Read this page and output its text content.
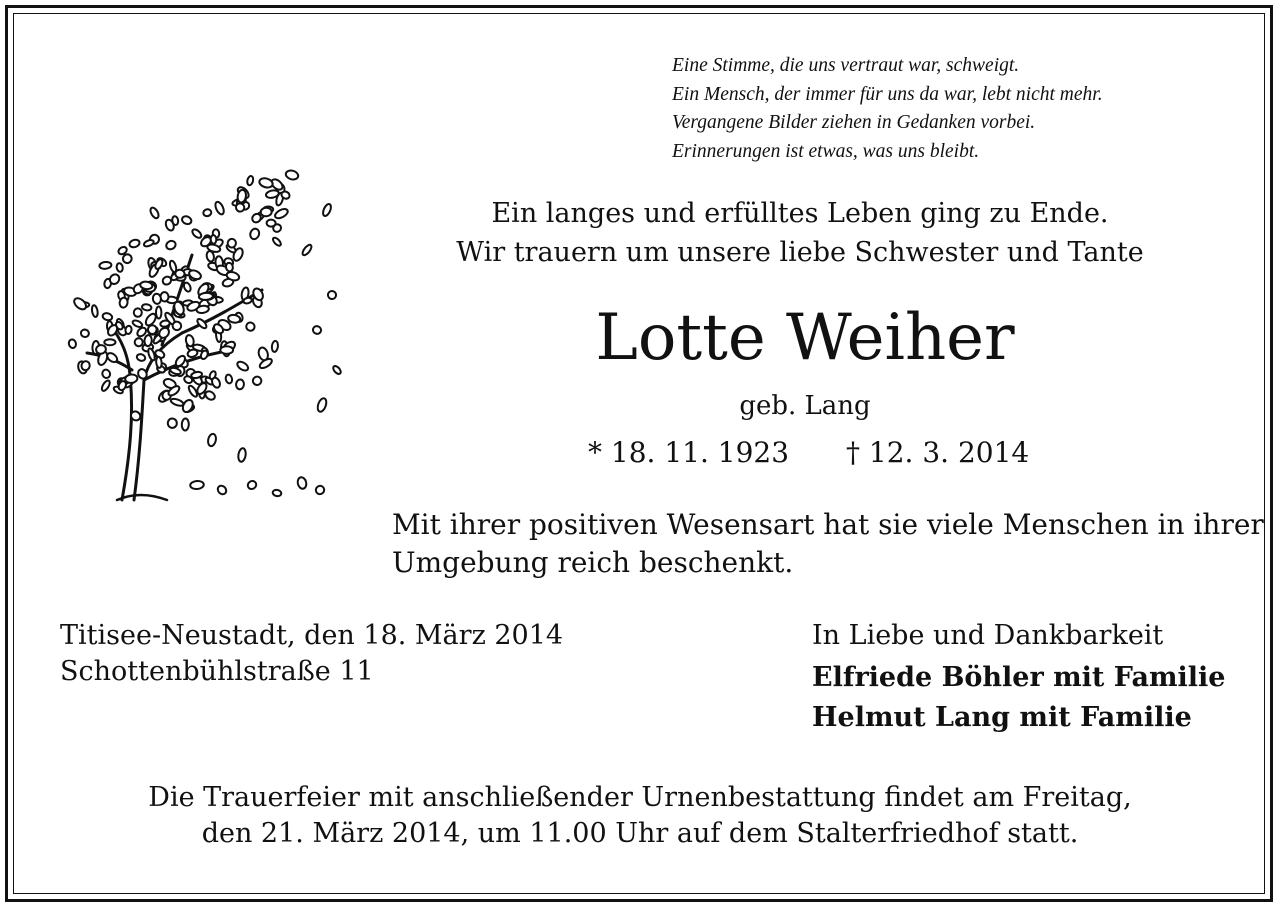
Eine Stimme, die uns vertraut war, schweigt.
Ein Mensch, der immer für uns da war, lebt nicht mehr.
Vergangene Bilder ziehen in Gedanken vorbei.
Erinnerungen ist etwas, was uns bleibt.
Ein langes und erfülltes Leben ging zu Ende.
Wir trauern um unsere liebe Schwester und Tante
Lotte Weiher
geb. Lang
* 18. 11. 1923 † 12. 3. 2014
Mit ihrer positiven Wesensart hat sie viele Menschen in ihrer
Umgebung reich beschenkt.
Titisee-Neustadt, den 18. März 2014
Schottenbühlstraße 11
In Liebe und Dankbarkeit
Elfriede Böhler mit Familie
Helmut Lang mit Familie
Die Trauerfeier mit anschließender Urnenbestattung findet am Freitag,
den 21. März 2014, um 11.00 Uhr auf dem Stalterfriedhof statt.
